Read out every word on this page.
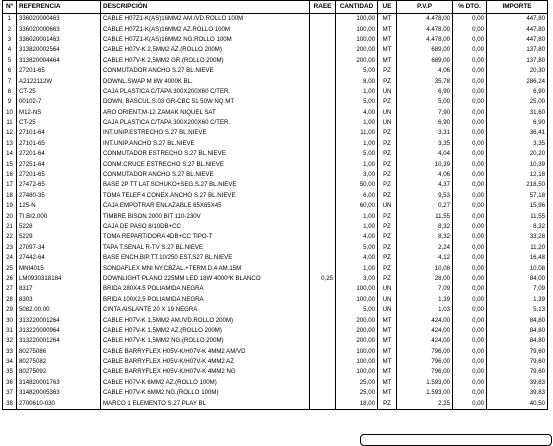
Nº	REFERENCIA	DESCRIPCIÓN	RAEE	CANTIDAD	UE	P.V.P	% DTO.	IMPORTE
1	336020000463	CABLE H07Z1-K(AS)16MM2 AM./VD.ROLLO 100M		100,00	MT	4.478,00	0,00	447,80
2	336020000663	CABLE H07Z1-K(AS)16MM2 AZ.ROLLO 100M		100,00	MT	4.478,00	0,00	447,80
3	336020001463	CABLE H07Z1-K(AS)16MM2 NG.ROLLO 100M		100,00	MT	4.478,00	0,00	447,80
4	313820002564	CABLE H07V-K 2,5MM2 AZ.(ROLLO 200M)		200,00	MT	689,00	0,00	137,80
5	313820004464	CABLE H07V-K 2,5MM2 GR.(ROLLO 200M)		200,00	MT	689,00	0,00	137,80
6	27201-65	CONMUTADOR ANCHO S.27 BL.NIEVE		5,00	PZ	4,06	0,00	20,30
7	A2122112W	DOWNL.SWAP M 8W 4000K BL.		8,00	PZ	35,78	0,00	286,24
8	CT-25	CAJA PLASTICA C/TAPA 300X200X60 C/TER.		1,00	UN	6,90	0,00	6,90
9	00102-7	DOWN. BASCUL.S.03 GR-CBC 51 50W NQ MT		5,00	PZ	5,00	0,00	25,00
10	M12-NS	ARO ORIENT.M-12 ZAMAK NIQUEL SAT		4,00	UN	7,90	0,00	31,60
11	CT-25	CAJA PLASTICA C/TAPA 300X200X60 C/TER.		1,00	UN	6,90	0,00	6,90
12	27101-64	INT.UNIP.ESTRECHO S.27 BL.NIEVE		11,00	PZ	3,31	0,00	36,41
13	27101-65	INT.UNIP.ANCHO S.27 BL.NIEVE		1,00	PZ	3,35	0,00	3,35
14	27201-64	CONMUTADOR ESTRECHO S.27 BL.NIEVE		5,00	PZ	4,04	0,00	20,20
15	27251-64	CONM.CRUCE ESTRECHO S.27 BL.NIEVE		1,00	PZ	10,39	0,00	10,39
16	27201-65	CONMUTADOR ANCHO S.27 BL.NIEVE		3,00	PZ	4,06	0,00	12,18
17	27472-65	BASE 2P TT LAT.SCHUKO+SEG.S.27 BL.NIEVE		50,00	PZ	4,37	0,00	218,50
18	27480-35	TOMA TELEF.4 CONEX.ANCHO S.27 BL.NIEVE		6,00	PZ	9,53	0,00	57,18
19	125-N	CAJA EMPOTRAR ENLAZABLE 65X65X45		60,00	UN	0,27	0,00	15,96
20	TI.BI2.000	TIMBRE BISON 2000 BIT 110-230V		1,00	PZ	11,55	0,00	11,55
21	5228	CAJA DE PASO 8/10DB+CC		1,00	PZ	8,32	0,00	8,32
22	5229	TOMA REPARTIDORA 4DB+CC TIPO-T		4,00	PZ	8,32	0,00	33,28
23	27097-34	TAPA T.SENAL R-TV S.27 BL.NIEVE		5,00	PZ	2,24	0,00	11,20
24	27442-64	BASE ENCH.BIP.TT.10/250 EST.S27 BL.NIEVE		4,00	PZ	4,12	0,00	16,48
25	MNI4015	SONDAFLEX MNI NY.CBZAL.+TERM.D.4 AM.15M		1,00	PZ	10,08	0,00	10,08
26	LM0930318184	DOWNLIGHT PLANO 225MM LED 18W 4000ºK BLANCO	0,25	3,00	PZ	28,00	0,00	84,00
27	8317	BRIDA 280X4.5 POLIAMIDA NEGRA		100,00	UN	7,09	0,00	7,09
28	8303	BRIDA 100X2,5 POLIAMIDA NEGRA		100,00	UN	1,39	0,00	1,39
29	5082.00.00	CINTA AISLANTE 20 X 19 NEGRA		5,00	UN	1,03	0,00	5,13
30	313220001264	CABLE H07V-K 1,5MM2 AM./VD.ROLLO 200M)		200,00	MT	424,00	0,00	84,80
31	313220000964	CABLE H07V-K 1,5MM2 AZ.(ROLLO 200M)		200,00	MT	424,00	0,00	84,80
32	313220001264	CABLE H07V-K 1,5MM2 NG.(ROLLO 200M)		200,00	MT	424,00	0,00	84,80
33	80275086	CABLE BARRYFLEX H05V-K/H07V-K 4MM2 AM/VD		100,00	MT	796,00	0,00	79,60
34	80275082	CABLE BARRYFLEX H05V-K/H07V-K 4MM2 AZ		100,00	MT	796,00	0,00	79,60
35	80275092	CABLE BARRYFLEX H05V-K/H07V-K 4MM2 NG		100,00	MT	796,00	0,00	79,60
36	314820001763	CABLE H07V-K 6MM2 AZ.(ROLLO 100M)		25,00	MT	1.593,00	0,00	39,83
37	314820005363	CABLE H07V-K 6MM2 NG.(ROLLO 100M)		25,00	MT	1.593,00	0,00	39,83
38	2700610-030	MARCO 1 ELEMENTO S.27 PLAY BL		18,00	PZ	2,25	0,00	40,50
